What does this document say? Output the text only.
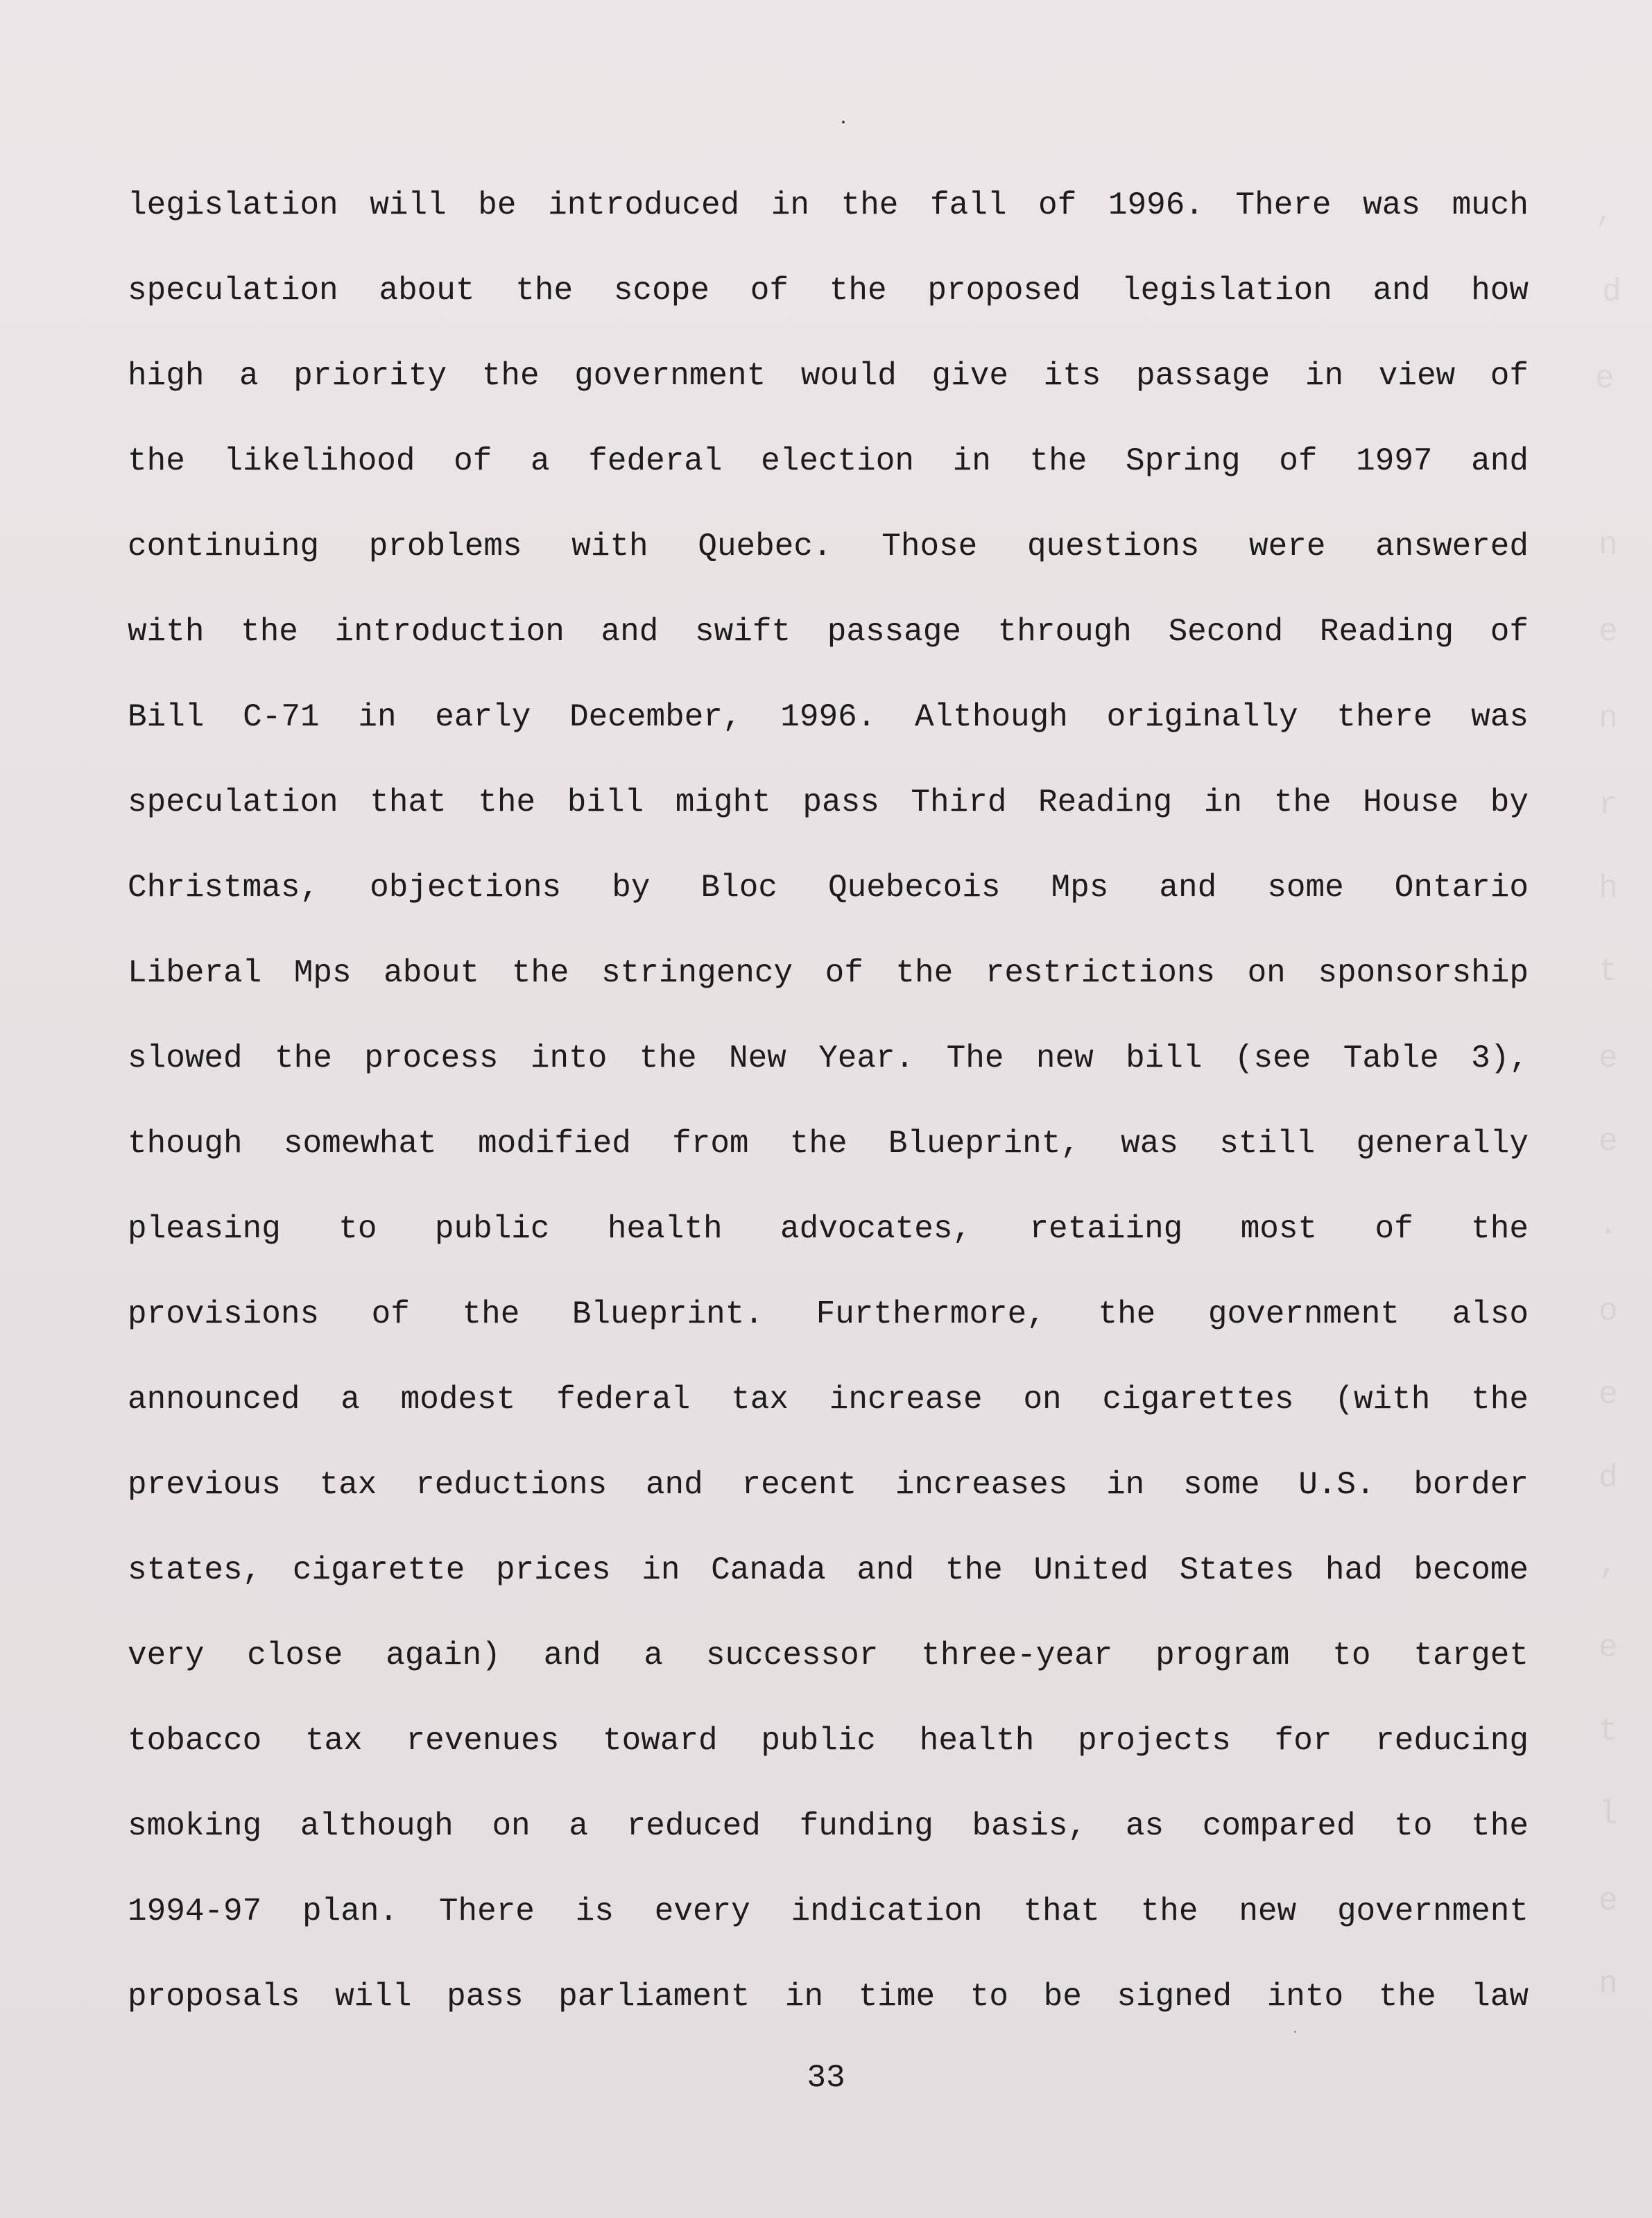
,
d
e
n
e
n
r
h
t
e
e
.
o
e
d
,
e
t
l
e
n
legislation will be introduced in the fall of 1996. There was much
speculation about the scope of the proposed legislation and how
high a priority the government would give its passage in view of
the likelihood of a federal election in the Spring of 1997 and
continuing problems with Quebec. Those questions were answered
with the introduction and swift passage through Second Reading of
Bill C-71 in early December, 1996. Although originally there was
speculation that the bill might pass Third Reading in the House by
Christmas, objections by Bloc Quebecois Mps and some Ontario
Liberal Mps about the stringency of the restrictions on sponsorship
slowed the process into the New Year. The new bill (see Table 3),
though somewhat modified from the Blueprint, was still generally
pleasing to public health advocates, retaiing most of the
provisions of the Blueprint. Furthermore, the government also
announced a modest federal tax increase on cigarettes (with the
previous tax reductions and recent increases in some U.S. border
states, cigarette prices in Canada and the United States had become
very close again) and a successor three-year program to target
tobacco tax revenues toward public health projects for reducing
smoking although on a reduced funding basis, as compared to the
1994-97 plan. There is every indication that the new government
proposals will pass parliament in time to be signed into the law
33
